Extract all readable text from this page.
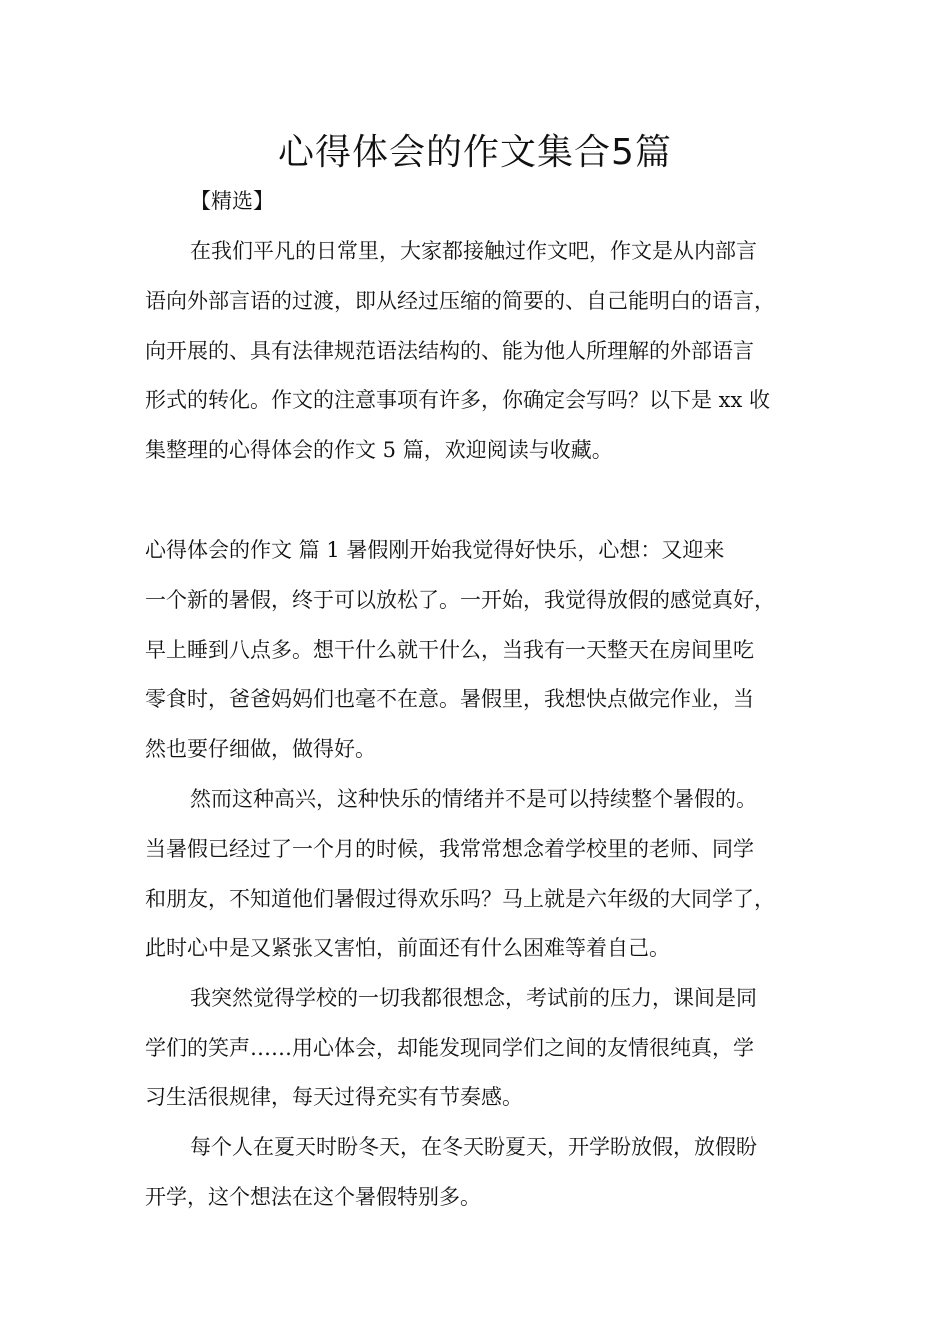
心得体会的作文集合5篇
【精选】
在我们平凡的日常里，大家都接触过作文吧，作文是从内部言
语向外部言语的过渡，即从经过压缩的简要的、自己能明白的语言，
向开展的、具有法律规范语法结构的、能为他人所理解的外部语言
形式的转化。作文的注意事项有许多，你确定会写吗？以下是 xx 收
集整理的心得体会的作文 5 篇，欢迎阅读与收藏。
心得体会的作文 篇 1 暑假刚开始我觉得好快乐，心想：又迎来
一个新的暑假，终于可以放松了。一开始，我觉得放假的感觉真好，
早上睡到八点多。想干什么就干什么，当我有一天整天在房间里吃
零食时，爸爸妈妈们也毫不在意。暑假里，我想快点做完作业，当
然也要仔细做，做得好。
然而这种高兴，这种快乐的情绪并不是可以持续整个暑假的。
当暑假已经过了一个月的时候，我常常想念着学校里的老师、同学
和朋友，不知道他们暑假过得欢乐吗？马上就是六年级的大同学了，
此时心中是又紧张又害怕，前面还有什么困难等着自己。
我突然觉得学校的一切我都很想念，考试前的压力，课间是同
学们的笑声……用心体会，却能发现同学们之间的友情很纯真，学
习生活很规律，每天过得充实有节奏感。
每个人在夏天时盼冬天，在冬天盼夏天，开学盼放假，放假盼
开学，这个想法在这个暑假特别多。
